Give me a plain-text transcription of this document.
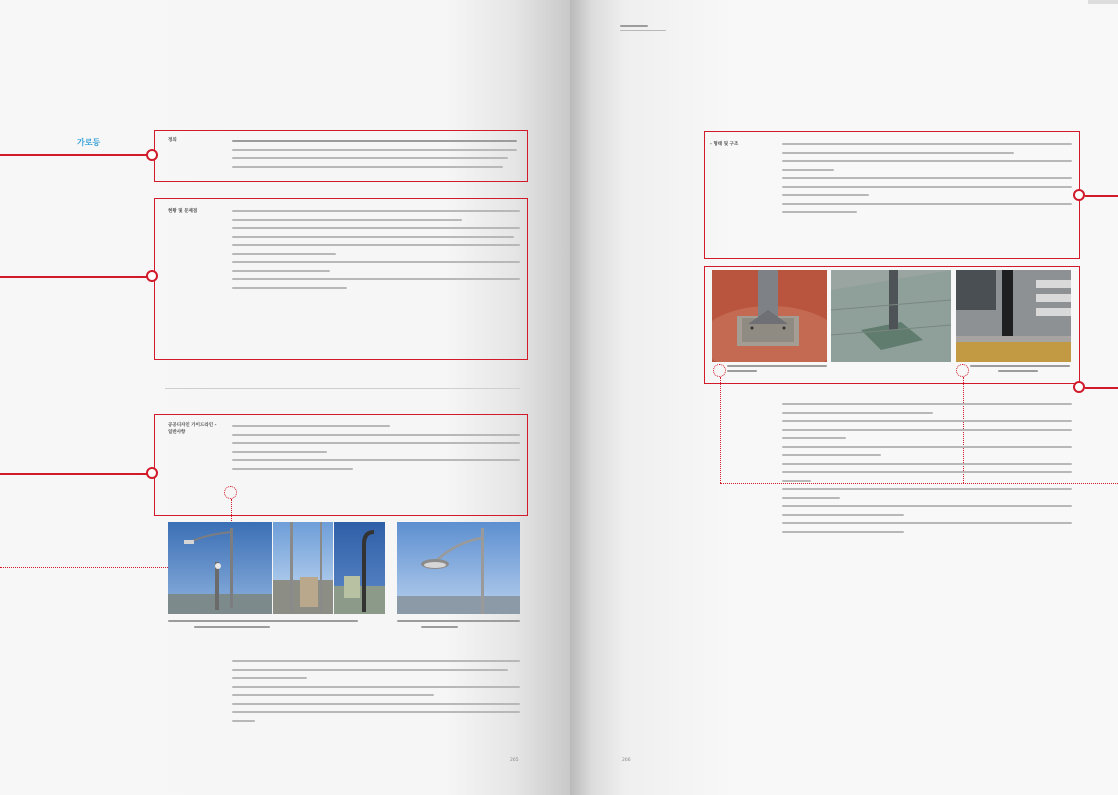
가로등	정의
현황 및 문제점
공공디자인 가이드라인 - 일반사항
265
- 형태 및 구조
266
